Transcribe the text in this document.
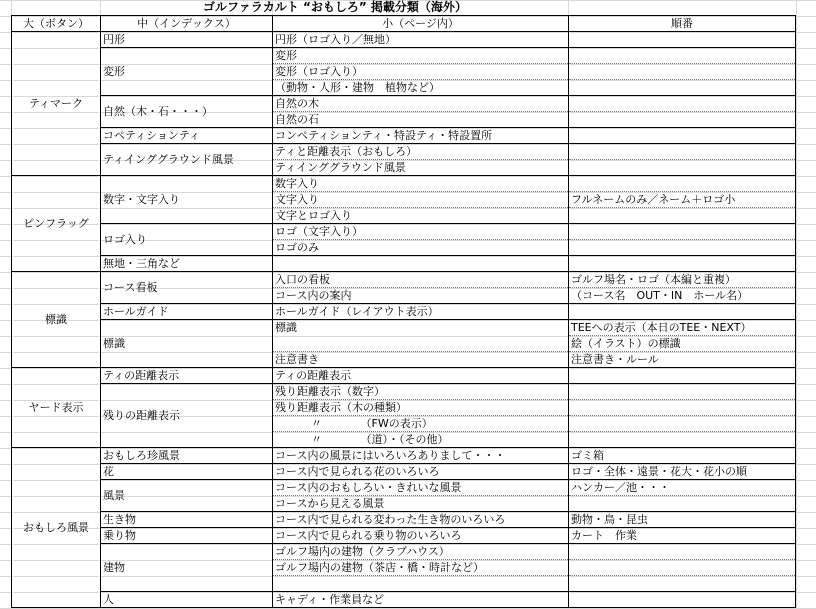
ゴルファラカルト “おもしろ” 掲載分類（海外）
大（ボタン）	中（インデックス）	小（ページ内）	順番
ティマーク	円形	円形（ロゴ入り／無地）	
	変形	変形	
		変形（ロゴ入り）	
		（動物・人形・建物　植物など）	
	自然（木・石・・・）	自然の木	
		自然の石	
	コペティションティ	コンペティションティ・特設ティ・特設置所	
	ティインググラウンド風景	ティと距離表示（おもしろ）	
		ティインググラウンド風景	
ピンフラッグ	数字・文字入り	数字入り	
		文字入り	フルネームのみ／ネーム＋ロゴ小
		文字とロゴ入り	
	ロゴ入り	ロゴ（文字入り）	
		ロゴのみ	
	無地・三角など		
標識	コース看板	入口の看板	ゴルフ場名・ロゴ（本編と重複）
		コース内の案内	（コース名　OUT・IN　ホール名）
	ホールガイド	ホールガイド（レイアウト表示）	
	標識	標識	TEEへの表示（本日のTEE・NEXT）
			絵（イラスト）の標識
		注意書き	注意書き・ルール
ヤード表示	ティの距離表示	ティの距離表示	
	残りの距離表示	残り距離表示（数字）	
		残り距離表示（木の種類）	
		〃　　　　（FWの表示）	
		〃　　　　（道）・（その他）	
おもしろ風景	おもしろ珍風景	コース内の風景にはいろいろありまして・・・	ゴミ箱
	花	コース内で見られる花のいろいろ	ロゴ・全体・遠景・花大・花小の順
	風景	コース内のおもしろい・きれいな風景	ハンカー／池・・・
		コースから見える風景	
	生き物	コース内で見られる変わった生き物のいろいろ	動物・鳥・昆虫
	乗り物	コース内で見られる乗り物のいろいろ	カート　作業
	建物	ゴルフ場内の建物（クラブハウス）	
		ゴルフ場内の建物（茶店・橋・時計など）	

	人	キャディ・作業員など	
